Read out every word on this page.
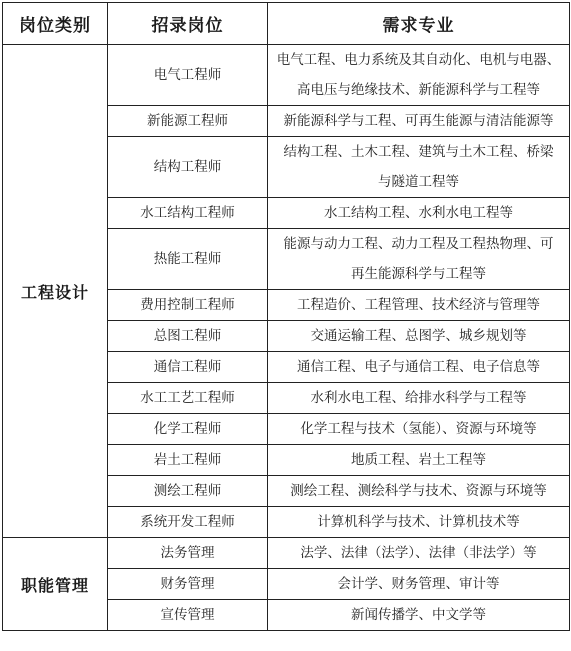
岗位类别	招录岗位	需求专业
工程设计	电气工程师	电气工程、电力系统及其自动化、电机与电器、
高电压与绝缘技术、新能源科学与工程等

	新能源工程师	新能源科学与工程、可再生能源与清洁能源等

	结构工程师	结构工程、土木工程、建筑与土木工程、桥梁
与隧道工程等

	水工结构工程师	水工结构工程、水利水电工程等

	热能工程师	能源与动力工程、动力工程及工程热物理、可
再生能源科学与工程等

	费用控制工程师	工程造价、工程管理、技术经济与管理等

	总图工程师	交通运输工程、总图学、城乡规划等

	通信工程师	通信工程、电子与通信工程、电子信息等

	水工工艺工程师	水利水电工程、给排水科学与工程等

	化学工程师	化学工程与技术（氢能）、资源与环境等

	岩土工程师	地质工程、岩土工程等

	测绘工程师	测绘工程、测绘科学与技术、资源与环境等

	系统开发工程师	计算机科学与技术、计算机技术等

职能管理	法务管理	法学、法律（法学）、法律（非法学）等

	财务管理	会计学、财务管理、审计等

	宣传管理	新闻传播学、中文学等
